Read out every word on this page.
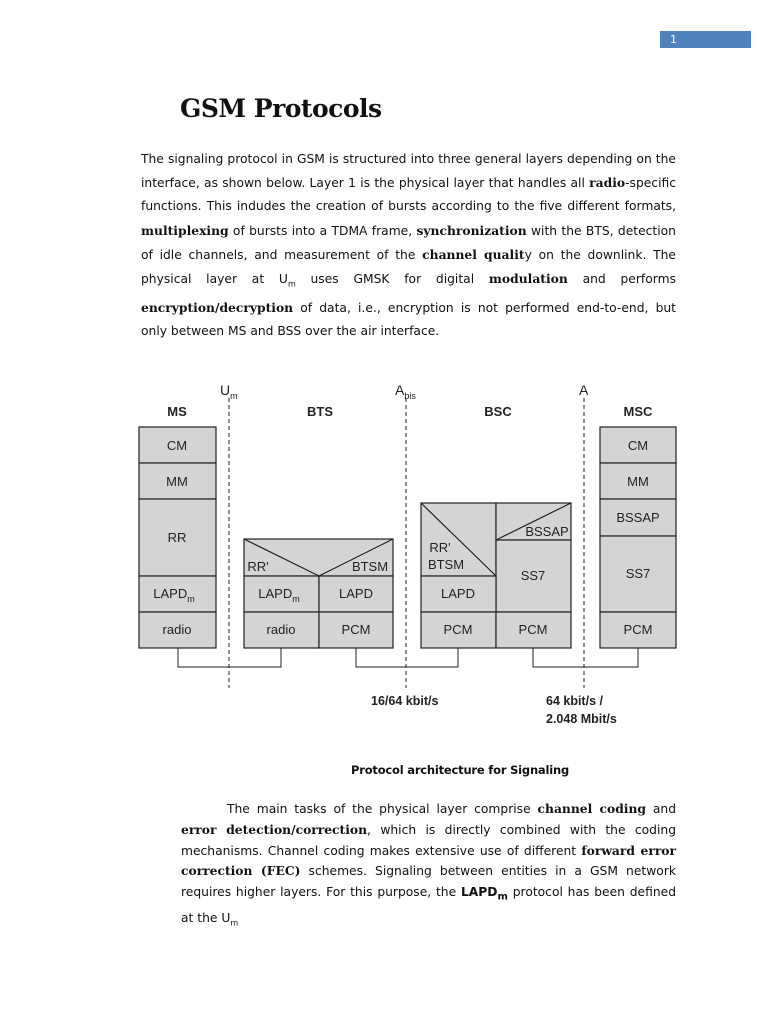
1
GSM Protocols

The signaling protocol in GSM is structured into three general layers depending on the interface, as shown below. Layer 1 is the physical layer that handles all radio-specific functions. This indudes the creation of bursts according to the five different formats, multiplexing of bursts into a TDMA frame, synchronization with the BTS, detection of idle channels, and measurement of the channel quality on the downlink. The physical layer at $U_m$ uses GMSK for digital modulation and performs encryption/decryption of data, i.e., encryption is not performed end-to-end, but only between MS and BSS over the air interface.

$U_m$	$A_{bis}$	A
MS	BTS	BSC	MSC
CM
MM
RR
$LAPD_m$
radio
RR'	BTSM
$LAPD_m$	LAPD
radio	PCM
RR'
BTSM
BSSAP
SS7
LAPD
PCM	PCM
CM
MM
BSSAP
SS7
PCM
16/64 kbit/s	64 kbit/s /
2.048 Mbit/s
Protocol architecture for Signaling

The main tasks of the physical layer comprise channel coding and error detection/correction, which is directly combined with the coding mechanisms. Channel coding makes extensive use of different forward error correction (FEC) schemes. Signaling between entities in a GSM network requires higher layers. For this purpose, the $LAPD_m$ protocol has been defined at the $U_m$
